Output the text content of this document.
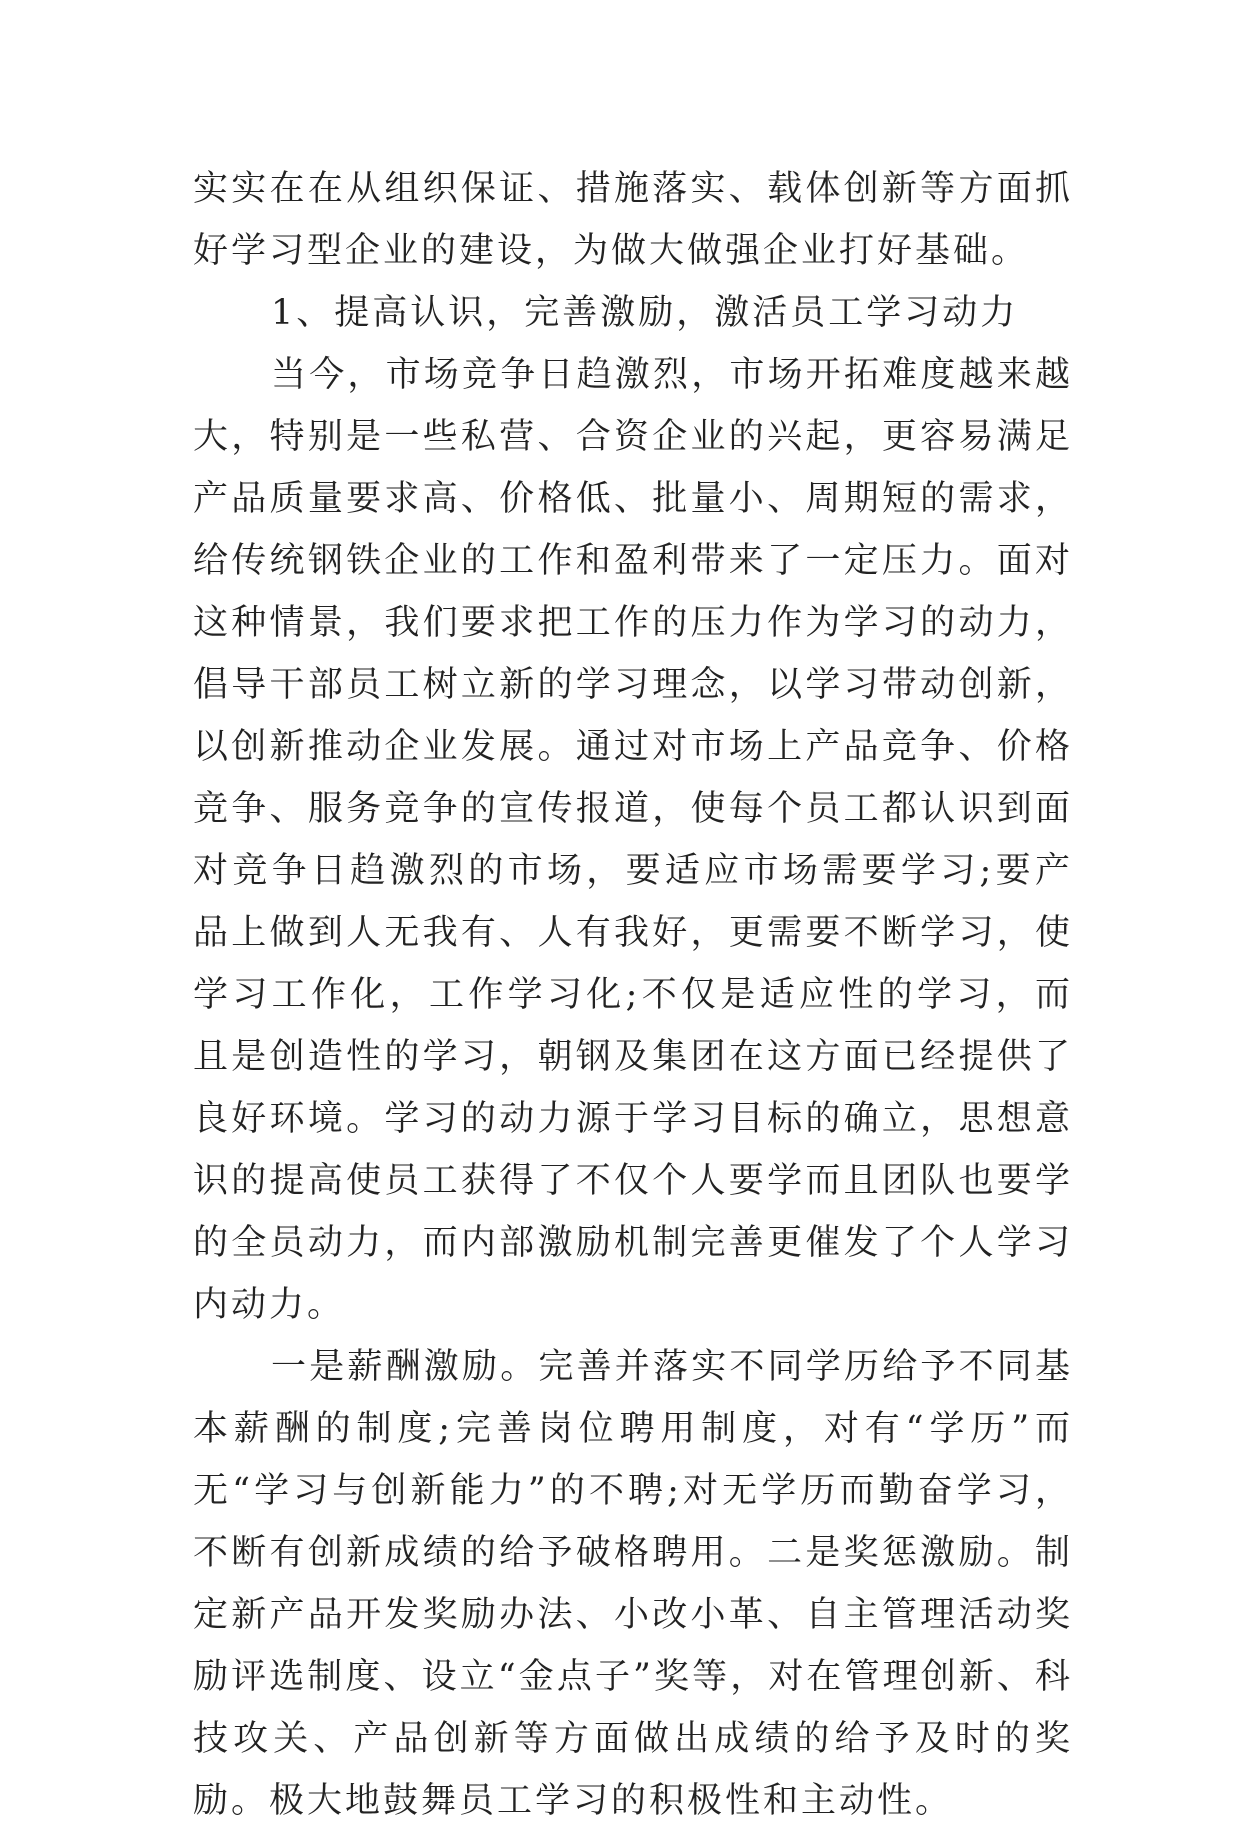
实实在在从组织保证、措施落实、载体创新等方面抓好学习型企业的建设，为做大做强企业打好基础。

1、提高认识，完善激励，激活员工学习动力

当今，市场竞争日趋激烈，市场开拓难度越来越大，特别是一些私营、合资企业的兴起，更容易满足产品质量要求高、价格低、批量小、周期短的需求，给传统钢铁企业的工作和盈利带来了一定压力。面对这种情景，我们要求把工作的压力作为学习的动力，倡导干部员工树立新的学习理念，以学习带动创新，以创新推动企业发展。通过对市场上产品竞争、价格竞争、服务竞争的宣传报道，使每个员工都认识到面对竞争日趋激烈的市场，要适应市场需要学习;要产品上做到人无我有、人有我好，更需要不断学习，使学习工作化，工作学习化;不仅是适应性的学习，而且是创造性的学习，朝钢及集团在这方面已经提供了良好环境。学习的动力源于学习目标的确立，思想意识的提高使员工获得了不仅个人要学而且团队也要学的全员动力，而内部激励机制完善更催发了个人学习内动力。

一是薪酬激励。完善并落实不同学历给予不同基本薪酬的制度;完善岗位聘用制度，对有“学历”而无“学习与创新能力”的不聘;对无学历而勤奋学习，不断有创新成绩的给予破格聘用。二是奖惩激励。制定新产品开发奖励办法、小改小革、自主管理活动奖励评选制度、设立“金点子”奖等，对在管理创新、科技攻关、产品创新等方面做出成绩的给予及时的奖励。极大地鼓舞员工学习的积极性和主动性。
